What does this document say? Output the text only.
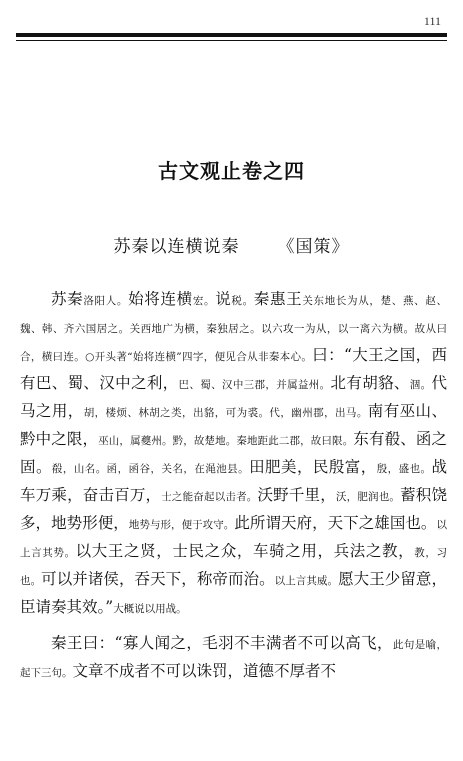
111
古文观止卷之四
苏秦以连横说秦 《国策》

苏秦洛阳人。始将连横宏。说税。秦惠王关东地长为从，楚、燕、赵、魏、韩、齐六国居之。关西地广为横，秦独居之。以六攻一为从，以一离六为横。故从曰合，横曰连。○开头著“始将连横”四字，便见合从非秦本心。曰：“大王之国，西有巴、蜀、汉中之利，巴、蜀、汉中三郡，并属益州。北有胡貉、涸。代马之用，胡，楼烦、林胡之类，出貉，可为裘。代，幽州郡，出马。南有巫山、黔中之限，巫山，属夔州。黔，故楚地。秦地距此二郡，故曰限。东有殽、函之固。殽，山名。函，函谷，关名，在渑池县。田肥美，民殷富，殷，盛也。战车万乘，奋击百万，士之能奋起以击者。沃野千里，沃，肥润也。蓄积饶多，地势形便，地势与形，便于攻守。此所谓天府，天下之雄国也。以上言其势。以大王之贤，士民之众，车骑之用，兵法之教，教，习也。可以并诸侯，吞天下，称帝而治。以上言其威。愿大王少留意，臣请奏其效。”大概说以用战。

秦王曰：“寡人闻之，毛羽不丰满者不可以高飞，此句是喻，起下三句。文章不成者不可以诛罚，道德不厚者不
